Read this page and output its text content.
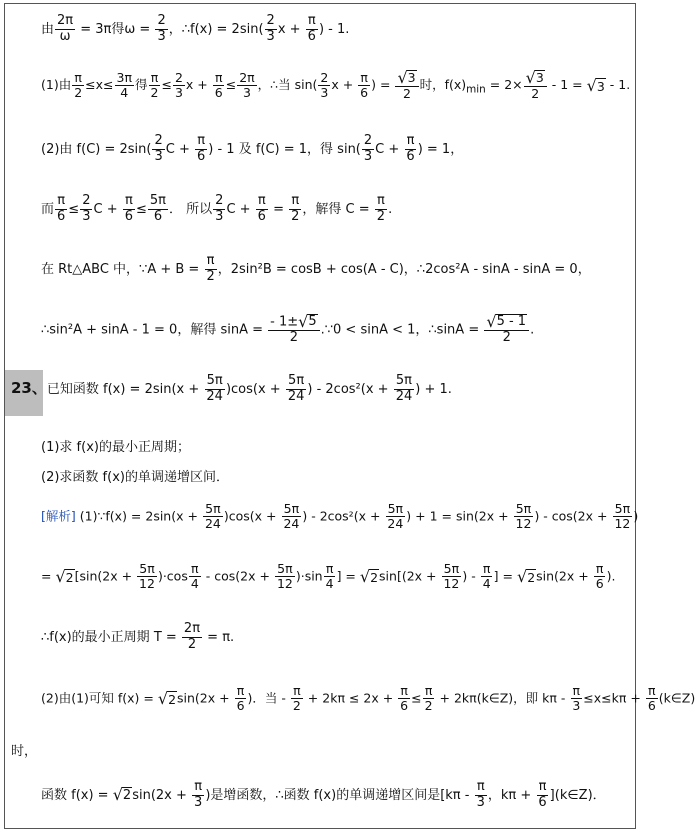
由 $\frac{2\pi}{\omega} = 3\pi$得$\omega = \frac{2}{3}$ ，∴f(x) = $2\sin( \frac{2}{3}$ $x + \frac{\pi}{6}$ ) - 1.
(1)由 $\frac{\pi}{2} \le x\le \frac{3\pi}{4}$ 得 $\frac{\pi}{2} \le \frac{2}{3}$ $x + \frac{\pi}{6} \le \frac{2\pi}{3}$ ，∴当 $\sin( \frac{2}{3}$ $x + \frac{\pi}{6}$ ) = $\frac{√ 3}{2}$ 时，$f(x)_{min} = 2\times \frac{√ 3}{2} - 1$ = √ 3 - 1.
(2)由 $f(C) = 2\sin( \frac{2}{3}$ $C + \frac{\pi}{6}$ ) - 1 及 f(C) = 1，得 $\sin( \frac{2}{3}$ $C + \frac{\pi}{6}$ ) = 1，
而 $\frac{\pi}{6} \le \frac{2}{3}$ $C + \frac{\pi}{6} \le \frac{5\pi}{6}$ ． 所以 $\frac{2}{3}$ $C + \frac{\pi}{6} = \frac{\pi}{2}$ ，解得 $C = \frac{\pi}{2}$ .
在 Rt△ABC 中，∵A + $B = \frac{\pi}{2}$ ，2sin²B = cosB + cos(A - C)，∴2cos²A - sinA - sinA = 0，
∴sin²A + sinA - 1 = 0，解得 $\sin A = \frac{- 1\pm √ 5}{2}$ .∵0 < sinA < 1，∴sinA = $\frac{√ 5 - 1}{2}$ .
23、已知函数 $f(x) = 2\sin(x + \frac{5\pi}{24} )\cos(x + \frac{5\pi}{24}$ ) - $2\cos^2(x + \frac{5\pi}{24}$ ) + 1.
(1)求 f(x)的最小正周期；
(2)求函数 f(x)的单调递增区间．
[解析] (1)∵f(x) = $2\sin(x + \frac{5\pi}{24} )\cos(x + \frac{5\pi}{24}$ ) - $2\cos^2(x + \frac{5\pi}{24}$ ) + $1 = \sin(2x + \frac{5\pi}{12}$ ) - $\cos(2x + \frac{5\pi}{12}$ )
= √ 2 [$\sin(2x + \frac{5\pi}{12} )\cdot\cos \frac{\pi}{4} - \cos(2x + \frac{5\pi}{12} )\cdot\sin \frac{\pi}{4}$ ] = √ 2 $\sin[(2x + \frac{5\pi}{12}$ ) - $\frac{\pi}{4}$ ] = √ 2 $\sin(2x + \frac{\pi}{6}$ ).
∴f(x)的最小正周期 $T = \frac{2\pi}{2} = \pi$.
(2)由(1)可知 f(x) = √ 2 $\sin(2x + \frac{\pi}{6}$ )．当 - $\frac{\pi}{2} + 2k\pi \le 2x + \frac{\pi}{6} \le \frac{\pi}{2}$ + 2kπ(k∈Z)，即 $k\pi - \frac{\pi}{3} \le x\le k\pi + \frac{\pi}{6}$ (k∈Z)
时，
函数 f(x) = √ 2 $\sin(2x + \frac{\pi}{3}$ )是增函数，∴函数 f(x)的单调递增区间是[$k\pi - \frac{\pi}{3}$ ，$k\pi + \frac{\pi}{6}$ ](k∈Z)．
